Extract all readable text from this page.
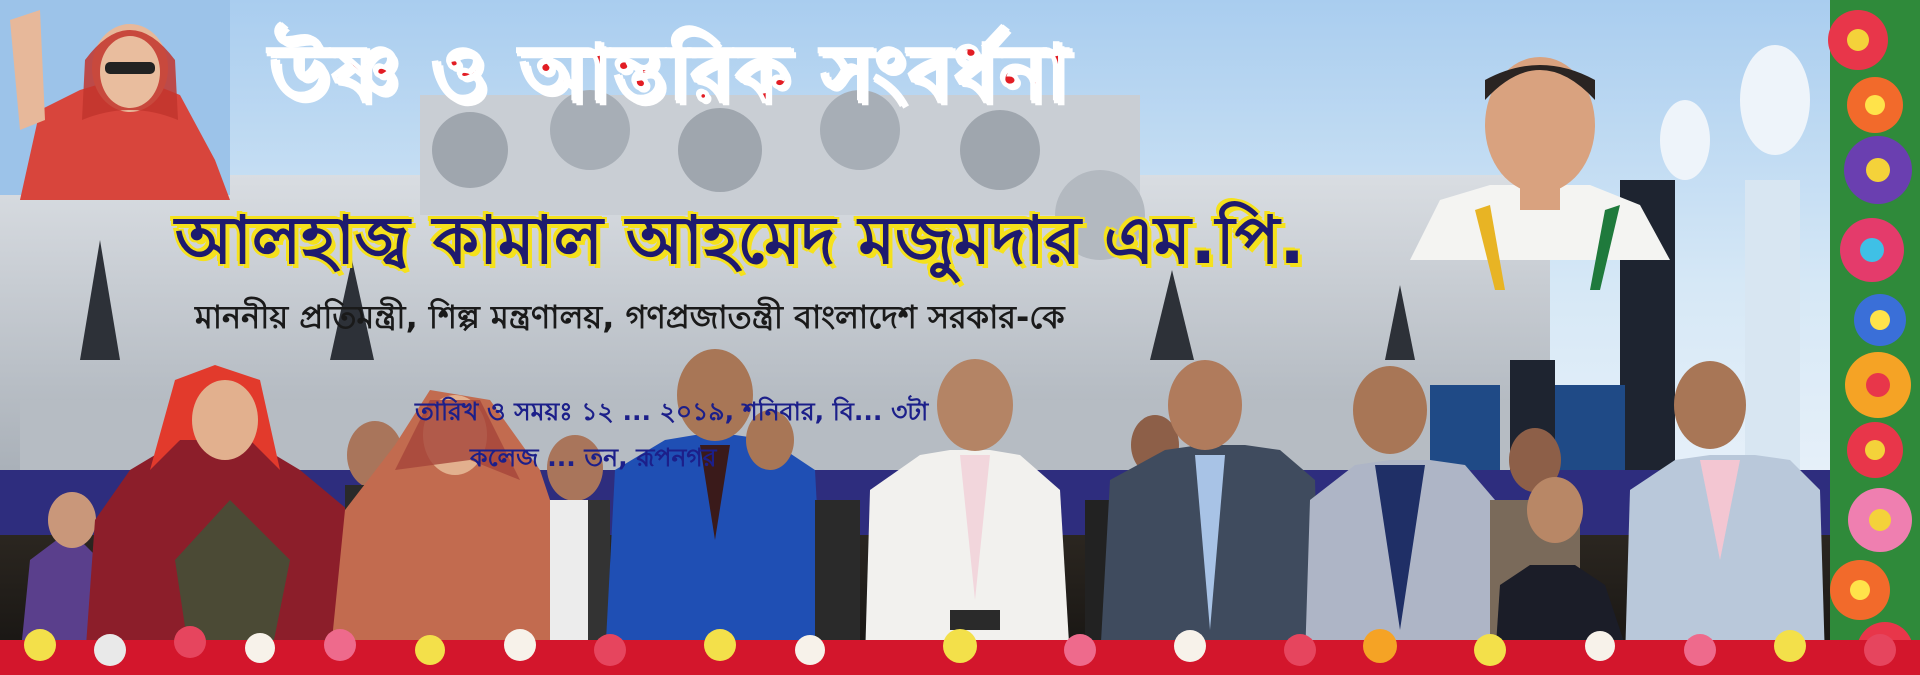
উষ্ণ ও আন্তরিক সংবর্ধনা
আলহাজ্ব কামাল আহমেদ মজুমদার এম.পি.
মাননীয় প্রতিমন্ত্রী, শিল্প মন্ত্রণালয়, গণপ্রজাতন্ত্রী বাংলাদেশ সরকার-কে
তারিখ ও সময়ঃ ১২ ... ২০১৯, শনিবার, বি... ৩টা
কলেজ ... তন, রূপনগর
